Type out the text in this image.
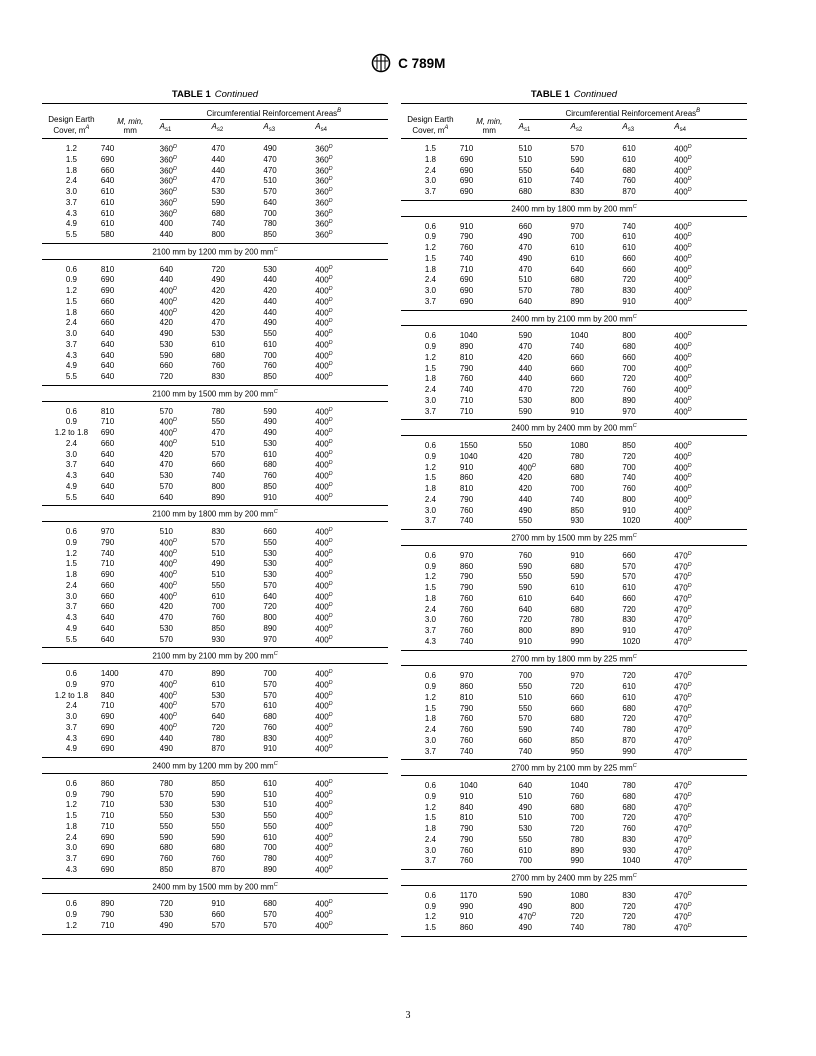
C 789M
TABLE 1 Continued
Design Earth
Cover, $m^A$	M, min,
mm	Circumferential Reinforcement Areas$^B$
		$A_{s1}$	$A_{s2}$	$A_{s3}$	$A_{s4}$
1.2	740	$360^D$	470	490	$360^D$
1.5	690	$360^D$	440	470	$360^D$
1.8	660	$360^D$	440	470	$360^D$
2.4	640	$360^D$	470	510	$360^D$
3.0	610	$360^D$	530	570	$360^D$
3.7	610	$360^D$	590	640	$360^D$
4.3	610	$360^D$	680	700	$360^D$
4.9	610	400	740	780	$360^D$
5.5	580	440	800	850	$360^D$
2100 mm by 1200 mm by 200 $mm^C$
0.6	810	640	720	530	$400^D$
0.9	690	440	490	440	$400^D$
1.2	690	$400^D$	420	420	$400^D$
1.5	660	$400^D$	420	440	$400^D$
1.8	660	$400^D$	420	440	$400^D$
2.4	660	420	470	490	$400^D$
3.0	640	490	530	550	$400^D$
3.7	640	530	610	610	$400^D$
4.3	640	590	680	700	$400^D$
4.9	640	660	760	760	$400^D$
5.5	640	720	830	850	$400^D$
2100 mm by 1500 mm by 200 $mm^C$
0.6	810	570	780	590	$400^D$
0.9	710	$400^D$	550	490	$400^D$
1.2 to 1.8	690	$400^D$	470	490	$400^D$
2.4	660	$400^D$	510	530	$400^D$
3.0	640	420	570	610	$400^D$
3.7	640	470	660	680	$400^D$
4.3	640	530	740	760	$400^D$
4.9	640	570	800	850	$400^D$
5.5	640	640	890	910	$400^D$
2100 mm by 1800 mm by 200 $mm^C$
0.6	970	510	830	660	$400^D$
0.9	790	$400^D$	570	550	$400^D$
1.2	740	$400^D$	510	530	$400^D$
1.5	710	$400^D$	490	530	$400^D$
1.8	690	$400^D$	510	530	$400^D$
2.4	660	$400^D$	550	570	$400^D$
3.0	660	$400^D$	610	640	$400^D$
3.7	660	420	700	720	$400^D$
4.3	640	470	760	800	$400^D$
4.9	640	530	850	890	$400^D$
5.5	640	570	930	970	$400^D$
2100 mm by 2100 mm by 200 $mm^C$
0.6	1400	470	890	700	$400^D$
0.9	970	$400^D$	610	570	$400^D$
1.2 to 1.8	840	$400^D$	530	570	$400^D$
2.4	710	$400^D$	570	610	$400^D$
3.0	690	$400^D$	640	680	$400^D$
3.7	690	$400^D$	720	760	$400^D$
4.3	690	440	780	830	$400^D$
4.9	690	490	870	910	$400^D$
2400 mm by 1200 mm by 200 $mm^C$
0.6	860	780	850	610	$400^D$
0.9	790	570	590	510	$400^D$
1.2	710	530	530	510	$400^D$
1.5	710	550	530	550	$400^D$
1.8	710	550	550	550	$400^D$
2.4	690	590	590	610	$400^D$
3.0	690	680	680	700	$400^D$
3.7	690	760	760	780	$400^D$
4.3	690	850	870	890	$400^D$
2400 mm by 1500 mm by 200 $mm^C$
0.6	890	720	910	680	$400^D$
0.9	790	530	660	570	$400^D$
1.2	710	490	570	570	$400^D$
TABLE 1 Continued
Design Earth
Cover, $m^A$	M, min,
mm	Circumferential Reinforcement Areas$^B$
		$A_{s1}$	$A_{s2}$	$A_{s3}$	$A_{s4}$
1.5	710	510	570	610	$400^D$
1.8	690	510	590	610	$400^D$
2.4	690	550	640	680	$400^D$
3.0	690	610	740	760	$400^D$
3.7	690	680	830	870	$400^D$
2400 mm by 1800 mm by 200 $mm^C$
0.6	910	660	970	740	$400^D$
0.9	790	490	700	610	$400^D$
1.2	760	470	610	610	$400^D$
1.5	740	490	610	660	$400^D$
1.8	710	470	640	660	$400^D$
2.4	690	510	680	720	$400^D$
3.0	690	570	780	830	$400^D$
3.7	690	640	890	910	$400^D$
2400 mm by 2100 mm by 200 $mm^C$
0.6	1040	590	1040	800	$400^D$
0.9	890	470	740	680	$400^D$
1.2	810	420	660	660	$400^D$
1.5	790	440	660	700	$400^D$
1.8	760	440	660	720	$400^D$
2.4	740	470	720	760	$400^D$
3.0	710	530	800	890	$400^D$
3.7	710	590	910	970	$400^D$
2400 mm by 2400 mm by 200 $mm^C$
0.6	1550	550	1080	850	$400^D$
0.9	1040	420	780	720	$400^D$
1.2	910	$400^D$	680	700	$400^D$
1.5	860	420	680	740	$400^D$
1.8	810	420	700	760	$400^D$
2.4	790	440	740	800	$400^D$
3.0	760	490	850	910	$400^D$
3.7	740	550	930	1020	$400^D$
2700 mm by 1500 mm by 225 $mm^C$
0.6	970	760	910	660	$470^D$
0.9	860	590	680	570	$470^D$
1.2	790	550	590	570	$470^D$
1.5	790	590	610	610	$470^D$
1.8	760	610	640	660	$470^D$
2.4	760	640	680	720	$470^D$
3.0	760	720	780	830	$470^D$
3.7	760	800	890	910	$470^D$
4.3	740	910	990	1020	$470^D$
2700 mm by 1800 mm by 225 $mm^C$
0.6	970	700	970	720	$470^D$
0.9	860	550	720	610	$470^D$
1.2	810	510	660	610	$470^D$
1.5	790	550	660	680	$470^D$
1.8	760	570	680	720	$470^D$
2.4	760	590	740	780	$470^D$
3.0	760	660	850	870	$470^D$
3.7	740	740	950	990	$470^D$
2700 mm by 2100 mm by 225 $mm^C$
0.6	1040	640	1040	780	$470^D$
0.9	910	510	760	680	$470^D$
1.2	840	490	680	680	$470^D$
1.5	810	510	700	720	$470^D$
1.8	790	530	720	760	$470^D$
2.4	790	550	780	830	$470^D$
3.0	760	610	890	930	$470^D$
3.7	760	700	990	1040	$470^D$
2700 mm by 2400 mm by 225 $mm^C$
0.6	1170	590	1080	830	$470^D$
0.9	990	490	800	720	$470^D$
1.2	910	$470^D$	720	720	$470^D$
1.5	860	490	740	780	$470^D$
3
